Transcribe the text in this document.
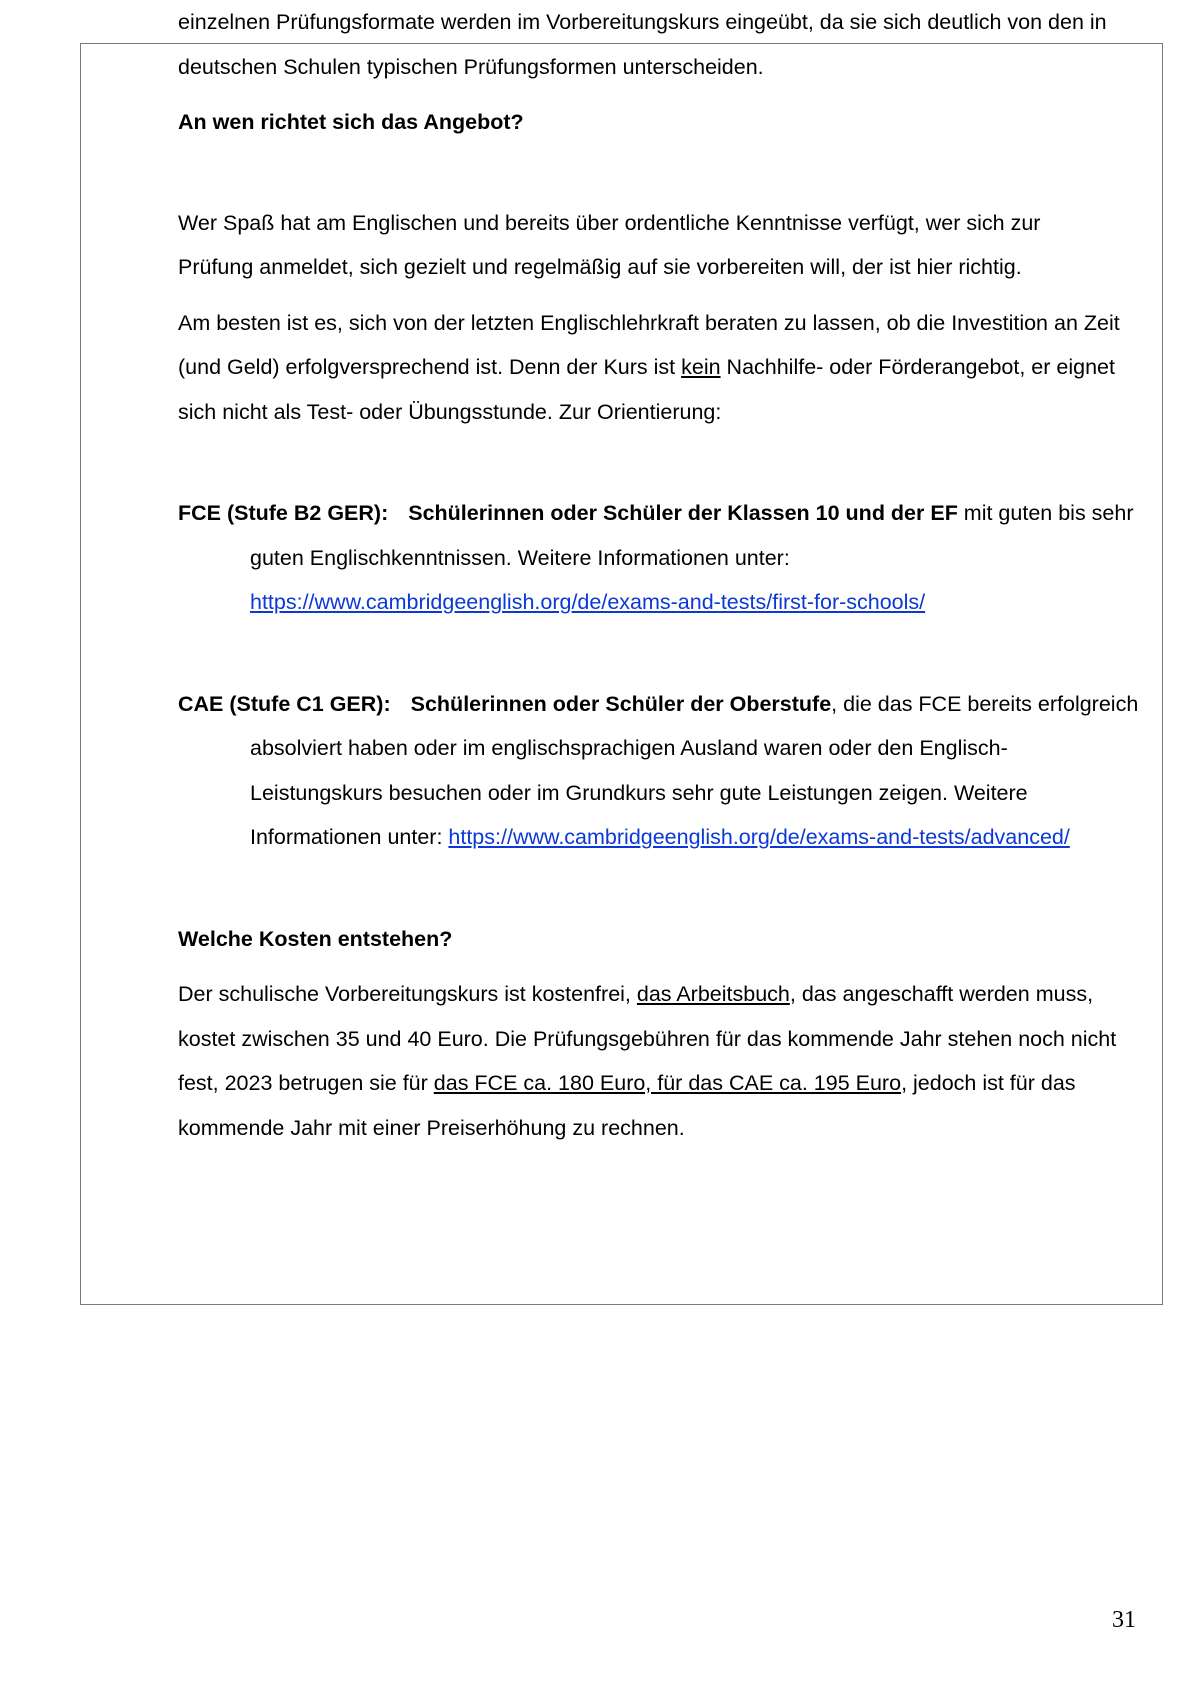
einzelnen Prüfungsformate werden im Vorbereitungskurs eingeübt, da sie sich deutlich von den in

deutschen Schulen typischen Prüfungsformen unterscheiden.

An wen richtet sich das Angebot?

Wer Spaß hat am Englischen und bereits über ordentliche Kenntnisse verfügt, wer sich zur

Prüfung anmeldet, sich gezielt und regelmäßig auf sie vorbereiten will, der ist hier richtig.

Am besten ist es, sich von der letzten Englischlehrkraft beraten zu lassen, ob die Investition an Zeit

(und Geld) erfolgversprechend ist. Denn der Kurs ist kein Nachhilfe- oder Förderangebot, er eignet

sich nicht als Test- oder Übungsstunde. Zur Orientierung:

FCE (Stufe B2 GER): Schülerinnen oder Schüler der Klassen 10 und der EF mit guten bis sehr

guten Englischkenntnissen. Weitere Informationen unter:

https://www.cambridgeenglish.org/de/exams-and-tests/first-for-schools/

CAE (Stufe C1 GER): Schülerinnen oder Schüler der Oberstufe, die das FCE bereits erfolgreich

absolviert haben oder im englischsprachigen Ausland waren oder den Englisch-

Leistungskurs besuchen oder im Grundkurs sehr gute Leistungen zeigen. Weitere

Informationen unter: https://www.cambridgeenglish.org/de/exams-and-tests/advanced/

Welche Kosten entstehen?

Der schulische Vorbereitungskurs ist kostenfrei, das Arbeitsbuch, das angeschafft werden muss,

kostet zwischen 35 und 40 Euro. Die Prüfungsgebühren für das kommende Jahr stehen noch nicht

fest, 2023 betrugen sie für das FCE ca. 180 Euro, für das CAE ca. 195 Euro, jedoch ist für das

kommende Jahr mit einer Preiserhöhung zu rechnen.

31
